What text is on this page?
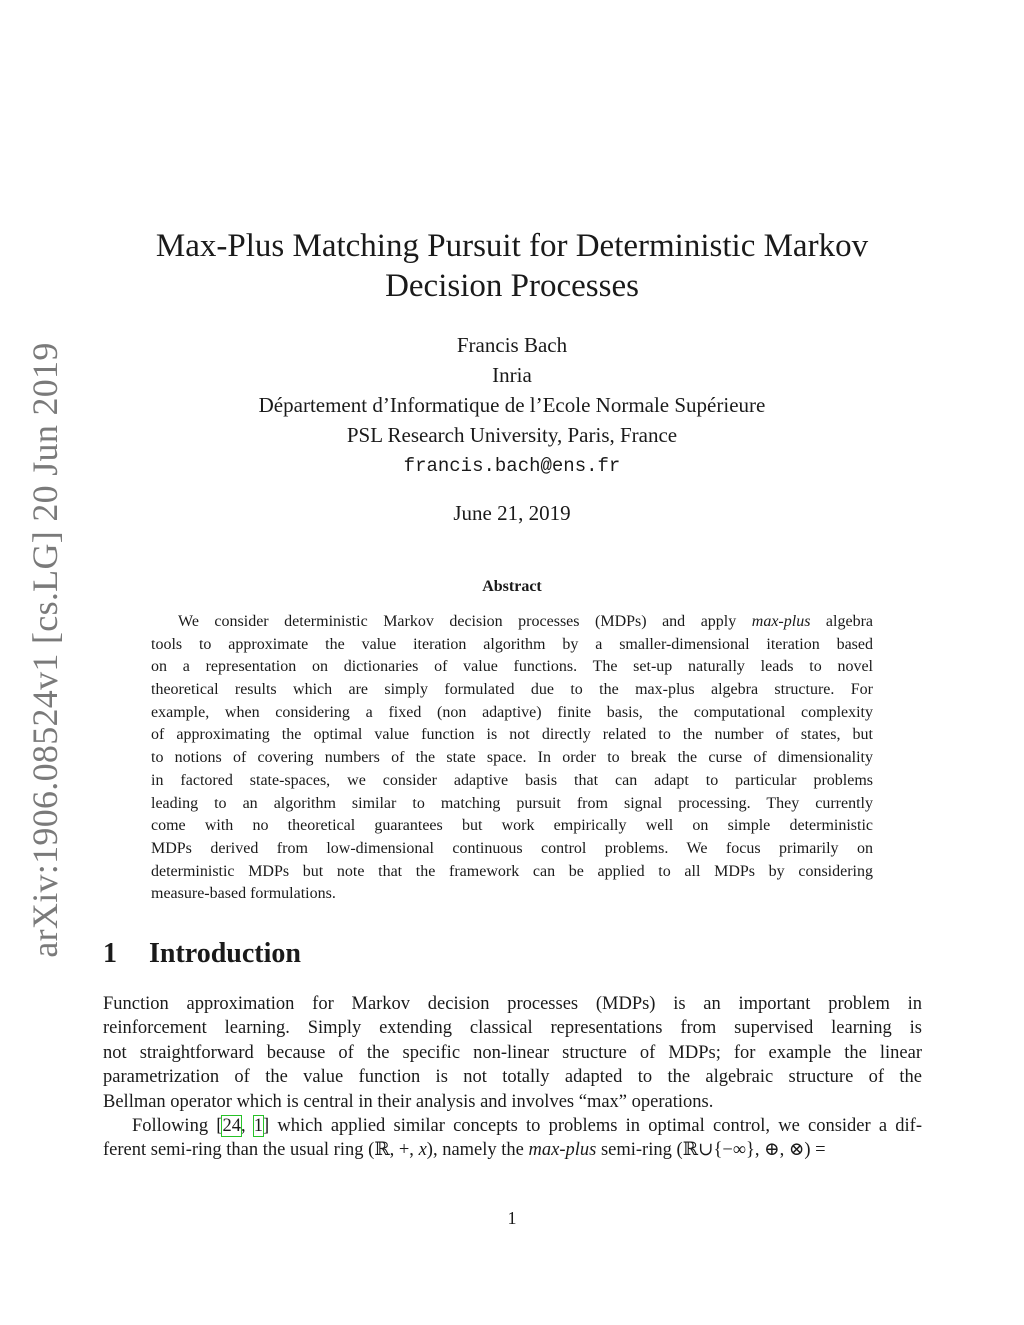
arXiv:1906.08524v1 [cs.LG] 20 Jun 2019
Max-Plus Matching Pursuit for Deterministic Markov
Decision Processes
Francis Bach
Inria
Département d’Informatique de l’Ecole Normale Supérieure
PSL Research University, Paris, France
francis.bach@ens.fr
June 21, 2019
Abstract
We consider deterministic Markov decision processes (MDPs) and apply max-plus algebra
tools to approximate the value iteration algorithm by a smaller-dimensional iteration based
on a representation on dictionaries of value functions. The set-up naturally leads to novel
theoretical results which are simply formulated due to the max-plus algebra structure. For
example, when considering a fixed (non adaptive) finite basis, the computational complexity
of approximating the optimal value function is not directly related to the number of states, but
to notions of covering numbers of the state space. In order to break the curse of dimensionality
in factored state-spaces, we consider adaptive basis that can adapt to particular problems
leading to an algorithm similar to matching pursuit from signal processing. They currently
come with no theoretical guarantees but work empirically well on simple deterministic
MDPs derived from low-dimensional continuous control problems. We focus primarily on
deterministic MDPs but note that the framework can be applied to all MDPs by considering
measure-based formulations.
1 Introduction
Function approximation for Markov decision processes (MDPs) is an important problem in
reinforcement learning. Simply extending classical representations from supervised learning is
not straightforward because of the specific non-linear structure of MDPs; for example the linear
parametrization of the value function is not totally adapted to the algebraic structure of the
Bellman operator which is central in their analysis and involves “max” operations.
Following [24, 1] which applied similar concepts to problems in optimal control, we consider a dif-
ferent semi-ring than the usual ring (ℝ, +, x), namely the max-plus semi-ring (ℝ∪{−∞}, ⊕, ⊗) =
1
